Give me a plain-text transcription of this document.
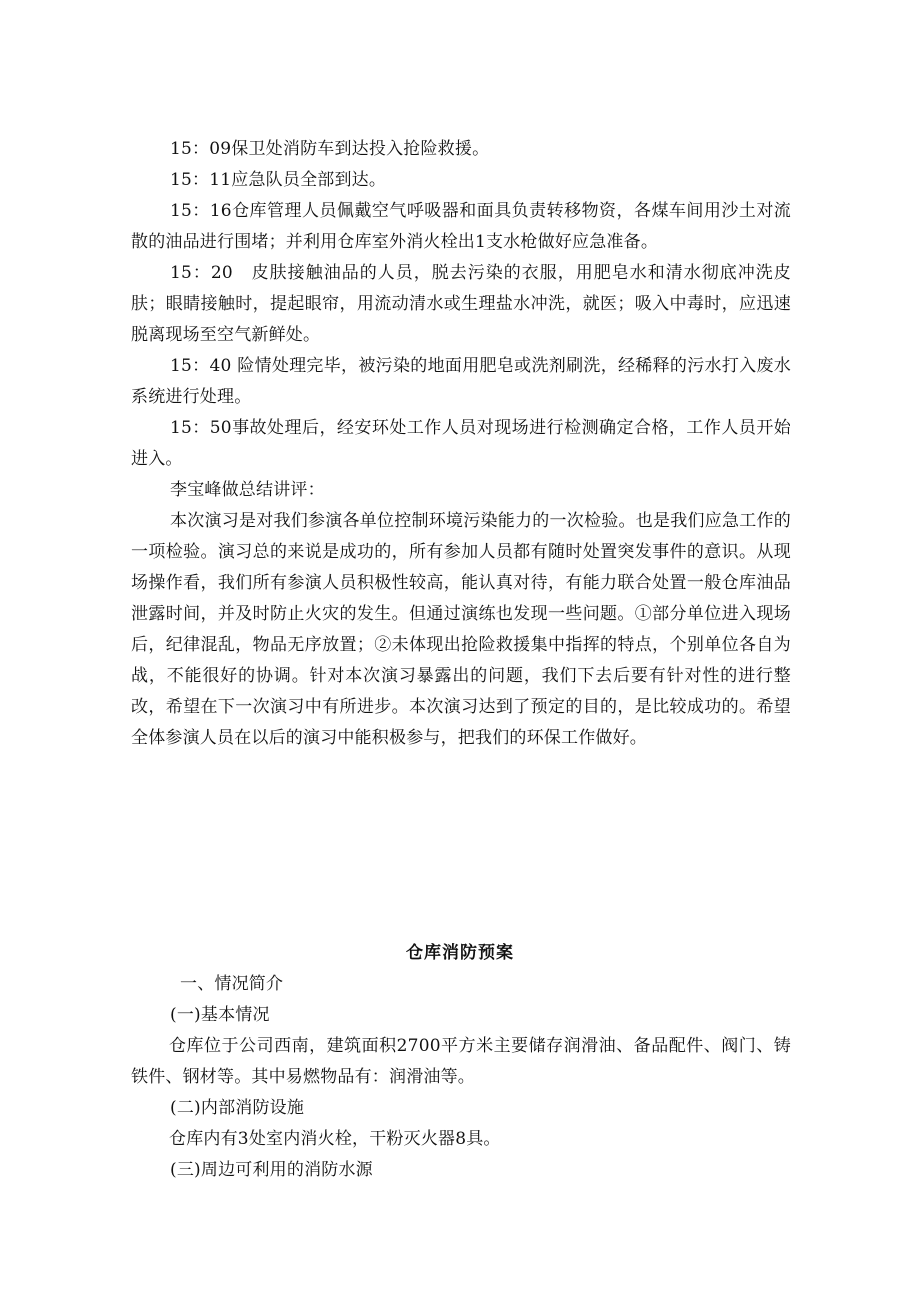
15：09保卫处消防车到达投入抢险救援。

15：11应急队员全部到达。

15：16仓库管理人员佩戴空气呼吸器和面具负责转移物资，各煤车间用沙土对流散的油品进行围堵；并利用仓库室外消火栓出1支水枪做好应急准备。

15：20　皮肤接触油品的人员，脱去污染的衣服，用肥皂水和清水彻底冲洗皮肤；眼睛接触时，提起眼帘，用流动清水或生理盐水冲洗，就医；吸入中毒时，应迅速脱离现场至空气新鲜处。

15：40 险情处理完毕，被污染的地面用肥皂或洗剂刷洗，经稀释的污水打入废水系统进行处理。

15：50事故处理后，经安环处工作人员对现场进行检测确定合格，工作人员开始进入。

李宝峰做总结讲评：

本次演习是对我们参演各单位控制环境污染能力的一次检验。也是我们应急工作的一项检验。演习总的来说是成功的，所有参加人员都有随时处置突发事件的意识。从现场操作看，我们所有参演人员积极性较高，能认真对待，有能力联合处置一般仓库油品泄露时间，并及时防止火灾的发生。但通过演练也发现一些问题。①部分单位进入现场后，纪律混乱，物品无序放置；②未体现出抢险救援集中指挥的特点，个别单位各自为战，不能很好的协调。针对本次演习暴露出的问题，我们下去后要有针对性的进行整改，希望在下一次演习中有所进步。本次演习达到了预定的目的，是比较成功的。希望全体参演人员在以后的演习中能积极参与，把我们的环保工作做好。

仓库消防预案

一、情况简介

(一)基本情况

仓库位于公司西南，建筑面积2700平方米主要储存润滑油、备品配件、阀门、铸铁件、钢材等。其中易燃物品有：润滑油等。

(二)内部消防设施

仓库内有3处室内消火栓，干粉灭火器8具。

(三)周边可利用的消防水源
